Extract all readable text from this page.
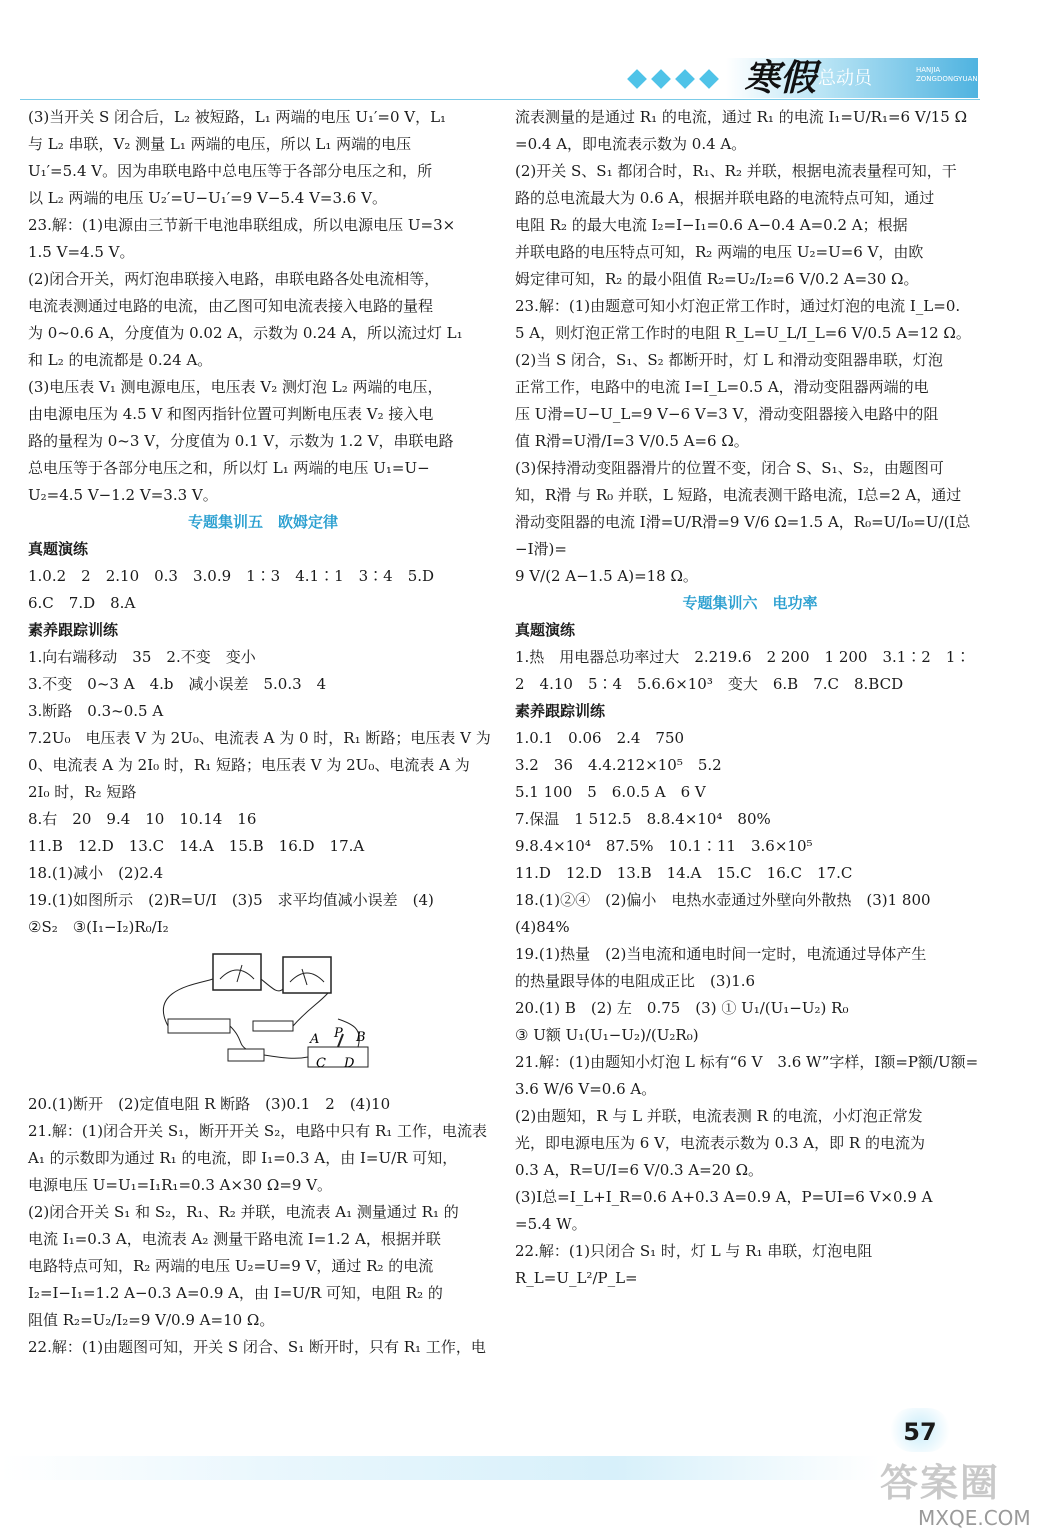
寒假 总动员	HANJIA ZONGDONGYUAN

(3)当开关 S 闭合后，L₂ 被短路，L₁ 两端的电压 U₁′=0 V，L₁

与 L₂ 串联，V₂ 测量 L₁ 两端的电压，所以 L₁ 两端的电压

U₁′=5.4 V。因为串联电路中总电压等于各部分电压之和，所

以 L₂ 两端的电压 U₂′=U−U₁′=9 V−5.4 V=3.6 V。

23.解：(1)电源由三节新干电池串联组成，所以电源电压 U=3×

1.5 V=4.5 V。

(2)闭合开关，两灯泡串联接入电路，串联电路各处电流相等，

电流表测通过电路的电流，由乙图可知电流表接入电路的量程

为 0~0.6 A，分度值为 0.02 A，示数为 0.24 A，所以流过灯 L₁

和 L₂ 的电流都是 0.24 A。

(3)电压表 V₁ 测电源电压，电压表 V₂ 测灯泡 L₂ 两端的电压，

由电源电压为 4.5 V 和图丙指针位置可判断电压表 V₂ 接入电

路的量程为 0~3 V，分度值为 0.1 V，示数为 1.2 V，串联电路

总电压等于各部分电压之和，所以灯 L₁ 两端的电压 U₁=U−

U₂=4.5 V−1.2 V=3.3 V。

专题集训五　欧姆定律

真题演练

1.0.2　2　2.10　0.3　3.0.9　1∶3　4.1∶1　3∶4　5.D

6.C　7.D　8.A

素养跟踪训练

1.向右端移动　35　2.不变　变小

3.不变　0~3 A　4.b　减小误差　5.0.3　4

3.断路　0.3~0.5 A

7.2U₀　电压表 V 为 2U₀、电流表 A 为 0 时，R₁ 断路；电压表 V 为

0、电流表 A 为 2I₀ 时，R₁ 短路；电压表 V 为 2U₀、电流表 A 为

2I₀ 时，R₂ 短路

8.右　20　9.4　10　10.14　16

11.B　12.D　13.C　14.A　15.B　16.D　17.A

18.(1)减小　(2)2.4

19.(1)如图所示　(2)R=U/I　(3)5　求平均值减小误差　(4)

②S₂　③(I₁−I₂)R₀/I₂

A P B
C D

20.(1)断开　(2)定值电阻 R 断路　(3)0.1　2　(4)10

21.解：(1)闭合开关 S₁，断开开关 S₂，电路中只有 R₁ 工作，电流表

A₁ 的示数即为通过 R₁ 的电流，即 I₁=0.3 A，由 I=U/R 可知，

电源电压 U=U₁=I₁R₁=0.3 A×30 Ω=9 V。

(2)闭合开关 S₁ 和 S₂，R₁、R₂ 并联，电流表 A₁ 测量通过 R₁ 的

电流 I₁=0.3 A，电流表 A₂ 测量干路电流 I=1.2 A，根据并联

电路特点可知，R₂ 两端的电压 U₂=U=9 V，通过 R₂ 的电流

I₂=I−I₁=1.2 A−0.3 A=0.9 A，由 I=U/R 可知，电阻 R₂ 的

阻值 R₂=U₂/I₂=9 V/0.9 A=10 Ω。

22.解：(1)由题图可知，开关 S 闭合、S₁ 断开时，只有 R₁ 工作，电

流表测量的是通过 R₁ 的电流，通过 R₁ 的电流 I₁=U/R₁=6 V/15 Ω

=0.4 A，即电流表示数为 0.4 A。

(2)开关 S、S₁ 都闭合时，R₁、R₂ 并联，根据电流表量程可知，干

路的总电流最大为 0.6 A，根据并联电路的电流特点可知，通过

电阻 R₂ 的最大电流 I₂=I−I₁=0.6 A−0.4 A=0.2 A；根据

并联电路的电压特点可知，R₂ 两端的电压 U₂=U=6 V，由欧

姆定律可知，R₂ 的最小阻值 R₂=U₂/I₂=6 V/0.2 A=30 Ω。

23.解：(1)由题意可知小灯泡正常工作时，通过灯泡的电流 I_L=0.

5 A，则灯泡正常工作时的电阻 R_L=U_L/I_L=6 V/0.5 A=12 Ω。

(2)当 S 闭合，S₁、S₂ 都断开时，灯 L 和滑动变阻器串联，灯泡

正常工作，电路中的电流 I=I_L=0.5 A，滑动变阻器两端的电

压 U滑=U−U_L=9 V−6 V=3 V，滑动变阻器接入电路中的阻

值 R滑=U滑/I=3 V/0.5 A=6 Ω。

(3)保持滑动变阻器滑片的位置不变，闭合 S、S₁、S₂，由题图可

知，R滑 与 R₀ 并联，L 短路，电流表测干路电流，I总=2 A，通过

滑动变阻器的电流 I滑=U/R滑=9 V/6 Ω=1.5 A，R₀=U/I₀=U/(I总−I滑)=

9 V/(2 A−1.5 A)=18 Ω。

专题集训六　电功率

真题演练

1.热　用电器总功率过大　2.219.6　2 200　1 200　3.1∶2　1∶

2　4.10　5∶4　5.6.6×10³　变大　6.B　7.C　8.BCD

素养跟踪训练

1.0.1　0.06　2.4　750

3.2　36　4.4.212×10⁵　5.2

5.1 100　5　6.0.5 A　6 V

7.保温　1 512.5　8.8.4×10⁴　80%

9.8.4×10⁴　87.5%　10.1∶11　3.6×10⁵

11.D　12.D　13.B　14.A　15.C　16.C　17.C

18.(1)②④　(2)偏小　电热水壶通过外壁向外散热　(3)1 800

(4)84%

19.(1)热量　(2)当电流和通电时间一定时，电流通过导体产生

的热量跟导体的电阻成正比　(3)1.6

20.(1) B　(2) 左　0.75　(3) ① U₁/(U₁−U₂) R₀

③ U额 U₁(U₁−U₂)/(U₂R₀)

21.解：(1)由题知小灯泡 L 标有“6 V　3.6 W”字样，I额=P额/U额=

3.6 W/6 V=0.6 A。

(2)由题知，R 与 L 并联，电流表测 R 的电流，小灯泡正常发

光，即电源电压为 6 V，电流表示数为 0.3 A，即 R 的电流为

0.3 A，R=U/I=6 V/0.3 A=20 Ω。

(3)I总=I_L+I_R=0.6 A+0.3 A=0.9 A，P=UI=6 V×0.9 A

=5.4 W。

22.解：(1)只闭合 S₁ 时，灯 L 与 R₁ 串联，灯泡电阻 R_L=U_L²/P_L=

57
答案圈
MXQE.COM
